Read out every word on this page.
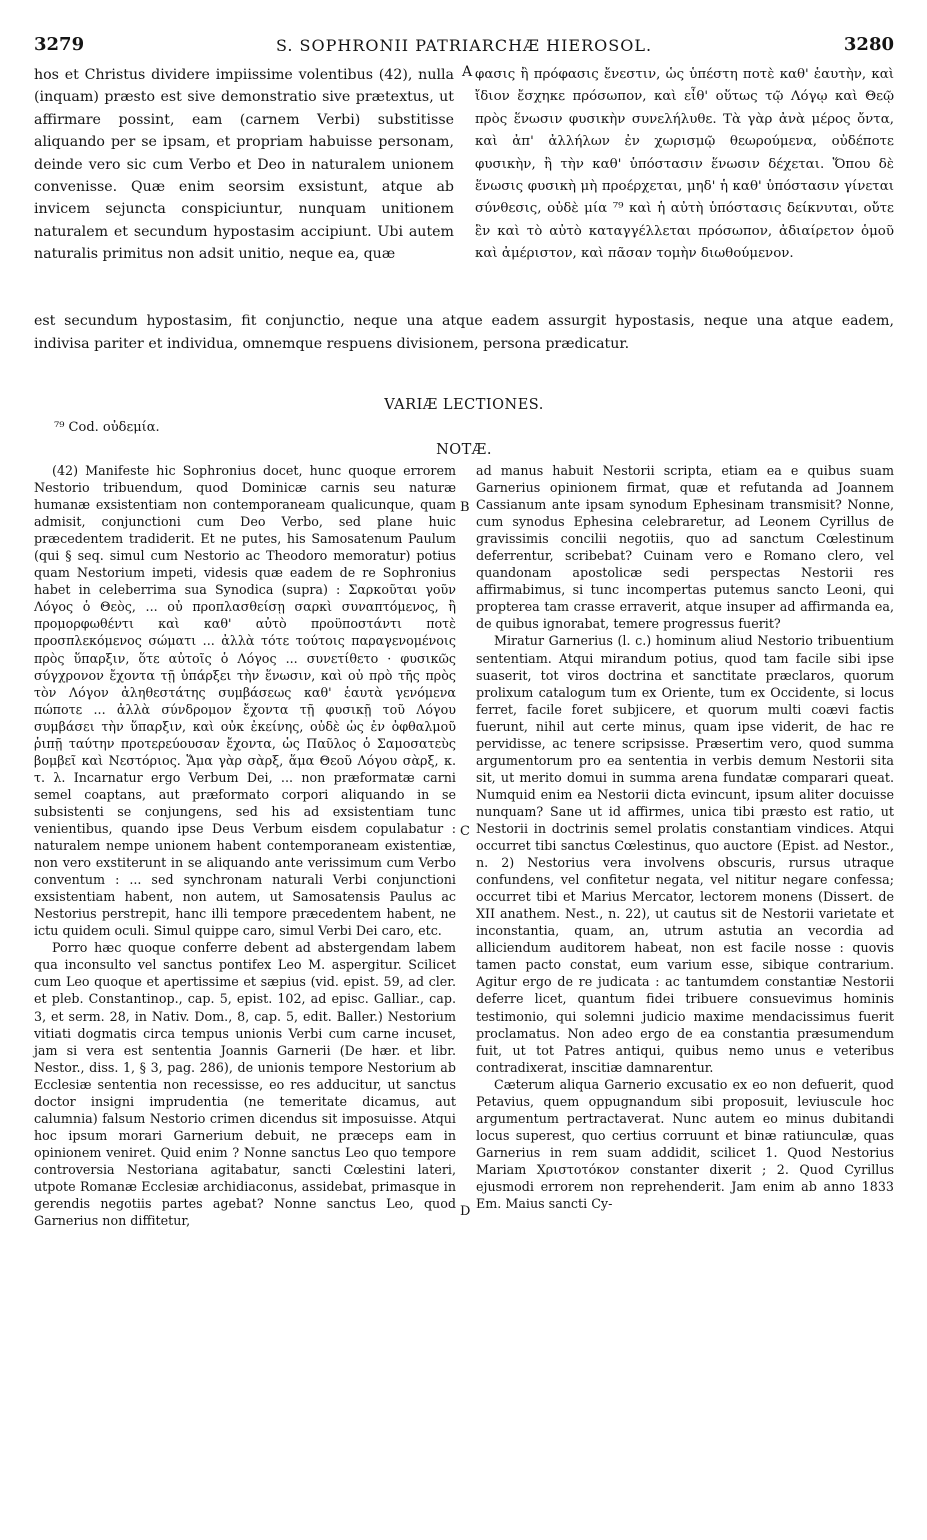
3279	S. SOPHRONII PATRIARCHÆ HIEROSOL.	3280
hos et Christus dividere impiissime volentibus (42), nulla (inquam) præsto est sive demonstratio sive prætextus, ut affirmare possint, eam (carnem Verbi) substitisse aliquando per se ipsam, et propriam habuisse personam, deinde vero sic cum Verbo et Deo in naturalem unionem convenisse. Quæ enim seorsim exsistunt, atque ab invicem sejuncta conspiciuntur, nunquam unitionem naturalem et secundum hypostasim accipiunt. Ubi autem naturalis primitus non adsit unitio, neque ea, quæ
A φασις ἢ πρόφασις ἔνεστιν, ὡς ὑπέστη ποτὲ καθ' ἑαυτὴν, καὶ ἴδιον ἔσχηκε πρόσωπον, καὶ εἶθ' οὕτως τῷ Λόγῳ καὶ Θεῷ πρὸς ἕνωσιν φυσικὴν συνελήλυθε. Τὰ γὰρ ἀνὰ μέρος ὄντα, καὶ ἀπ' ἀλλήλων ἐν χωρισμῷ θεωρούμενα, οὐδέποτε φυσικὴν, ἢ τὴν καθ' ὑπόστασιν ἕνωσιν δέχεται. Ὅπου δὲ ἕνωσις φυσικὴ μὴ προέρχεται, μηδ' ἡ καθ' ὑπόστασιν γίνεται σύνθεσις, οὐδὲ μία ⁷⁹ καὶ ἡ αὐτὴ ὑπόστασις δείκνυται, οὔτε ἓν καὶ τὸ αὐτὸ καταγγέλλεται πρόσωπον, ἀδιαίρετον ὁμοῦ καὶ ἀμέριστον, καὶ πᾶσαν τομὴν διωθούμενον.
est secundum hypostasim, fit conjunctio, neque una atque eadem assurgit hypostasis, neque una atque eadem, indivisa pariter et individua, omnemque respuens divisionem, persona prædicatur.
VARIÆ LECTIONES.
⁷⁹ Cod. οὐδεμία.
NOTÆ.

(42) Manifeste hic Sophronius docet, hunc quoque errorem Nestorio tribuendum, quod Dominicæ carnis seu naturæ humanæ exsistentiam non contemporaneam qualicunque, quam admisit, conjunctioni cum Deo Verbo, sed plane huic præcedentem tradiderit. Et ne putes, his Samosatenum Paulum (qui § seq. simul cum Nestorio ac Theodoro memoratur) potius quam Nestorium impeti, videsis quæ eadem de re Sophronius habet in celeberrima sua Synodica (supra) : Σαρκοῦται γοῦν Λόγος ὁ Θεὸς, ... οὐ προπλασθείσῃ σαρκὶ συναπτόμενος, ἢ προμορφωθέντι καὶ καθ' αὐτὸ προϋποστάντι ποτὲ προσπλεκόμενος σώματι ... ἀλλὰ τότε τούτοις παραγενομένοις πρὸς ὕπαρξιν, ὅτε αὐτοῖς ὁ Λόγος ... συνετίθετο · φυσικῶς σύγχρονον ἔχοντα τῇ ὑπάρξει τὴν ἕνωσιν, καὶ οὐ πρὸ τῆς πρὸς τὸν Λόγον ἀληθεστάτης συμβάσεως καθ' ἑαυτὰ γενόμενα πώποτε ... ἀλλὰ σύνδρομον ἔχοντα τῇ φυσικῇ τοῦ Λόγου συμβάσει τὴν ὕπαρξιν, καὶ οὐκ ἐκείνης, οὐδὲ ὡς ἐν ὀφθαλμοῦ ῥιπῇ ταύτην προτερεύουσαν ἔχοντα, ὡς Παῦλος ὁ Σαμοσατεὺς βομβεῖ καὶ Νεστόριος. Ἅμα γὰρ σὰρξ, ἅμα Θεοῦ Λόγου σὰρξ, κ. τ. λ. Incarnatur ergo Verbum Dei, ... non præformatæ carni semel coaptans, aut præformato corpori aliquando in se subsistenti se conjungens, sed his ad exsistentiam tunc venientibus, quando ipse Deus Verbum eisdem copulabatur : naturalem nempe unionem habent contemporaneam existentiæ, non vero exstiterunt in se aliquando ante verissimum cum Verbo conventum : ... sed synchronam naturali Verbi conjunctioni exsistentiam habent, non autem, ut Samosatensis Paulus ac Nestorius perstrepit, hanc illi tempore præcedentem habent, ne ictu quidem oculi. Simul quippe caro, simul Verbi Dei caro, etc.

Porro hæc quoque conferre debent ad abstergendam labem qua inconsulto vel sanctus pontifex Leo M. aspergitur. Scilicet cum Leo quoque et apertissime et sæpius (vid. epist. 59, ad cler. et pleb. Constantinop., cap. 5, epist. 102, ad episc. Galliar., cap. 3, et serm. 28, in Nativ. Dom., 8, cap. 5, edit. Baller.) Nestorium vitiati dogmatis circa tempus unionis Verbi cum carne incuset, jam si vera est sententia Joannis Garnerii (De hær. et libr. Nestor., diss. 1, § 3, pag. 286), de unionis tempore Nestorium ab Ecclesiæ sententia non recessisse, eo res adducitur, ut sanctus doctor insigni imprudentia (ne temeritate dicamus, aut calumnia) falsum Nestorio crimen dicendus sit imposuisse. Atqui hoc ipsum morari Garnerium debuit, ne præceps eam in opinionem veniret. Quid enim ? Nonne sanctus Leo quo tempore controversia Nestoriana agitabatur, sancti Cœlestini lateri, utpote Romanæ Ecclesiæ archidiaconus, assidebat, primasque in gerendis negotiis partes agebat? Nonne sanctus Leo, quod Garnerius non diffitetur,

B
C
D

ad manus habuit Nestorii scripta, etiam ea e quibus suam Garnerius opinionem firmat, quæ et refutanda ad Joannem Cassianum ante ipsam synodum Ephesinam transmisit? Nonne, cum synodus Ephesina celebraretur, ad Leonem Cyrillus de gravissimis concilii negotiis, quo ad sanctum Cœlestinum deferrentur, scribebat? Cuinam vero e Romano clero, vel quandonam apostolicæ sedi perspectas Nestorii res affirmabimus, si tunc incompertas putemus sancto Leoni, qui propterea tam crasse erraverit, atque insuper ad affirmanda ea, de quibus ignorabat, temere progressus fuerit?

Miratur Garnerius (l. c.) hominum aliud Nestorio tribuentium sententiam. Atqui mirandum potius, quod tam facile sibi ipse suaserit, tot viros doctrina et sanctitate præclaros, quorum prolixum catalogum tum ex Oriente, tum ex Occidente, si locus ferret, facile foret subjicere, et quorum multi coævi factis fuerunt, nihil aut certe minus, quam ipse viderit, de hac re pervidisse, ac tenere scripsisse. Præsertim vero, quod summa argumentorum pro ea sententia in verbis demum Nestorii sita sit, ut merito domui in summa arena fundatæ comparari queat. Numquid enim ea Nestorii dicta evincunt, ipsum aliter docuisse nunquam? Sane ut id affirmes, unica tibi præsto est ratio, ut Nestorii in doctrinis semel prolatis constantiam vindices. Atqui occurret tibi sanctus Cœlestinus, quo auctore (Epist. ad Nestor., n. 2) Nestorius vera involvens obscuris, rursus utraque confundens, vel confitetur negata, vel nititur negare confessa; occurret tibi et Marius Mercator, lectorem monens (Dissert. de XII anathem. Nest., n. 22), ut cautus sit de Nestorii varietate et inconstantia, quam, an, utrum astutia an vecordia ad alliciendum auditorem habeat, non est facile nosse : quovis tamen pacto constat, eum varium esse, sibique contrarium. Agitur ergo de re judicata : ac tantumdem constantiæ Nestorii deferre licet, quantum fidei tribuere consuevimus hominis testimonio, qui solemni judicio maxime mendacissimus fuerit proclamatus. Non adeo ergo de ea constantia præsumendum fuit, ut tot Patres antiqui, quibus nemo unus e veteribus contradixerat, inscitiæ damnarentur.

Cæterum aliqua Garnerio excusatio ex eo non defuerit, quod Petavius, quem oppugnandum sibi proposuit, leviuscule hoc argumentum pertractaverat. Nunc autem eo minus dubitandi locus superest, quo certius corruunt et binæ ratiunculæ, quas Garnerius in rem suam addidit, scilicet 1. Quod Nestorius Mariam Χριστοτόκον constanter dixerit ; 2. Quod Cyrillus ejusmodi errorem non reprehenderit. Jam enim ab anno 1833 Em. Maius sancti Cy-
